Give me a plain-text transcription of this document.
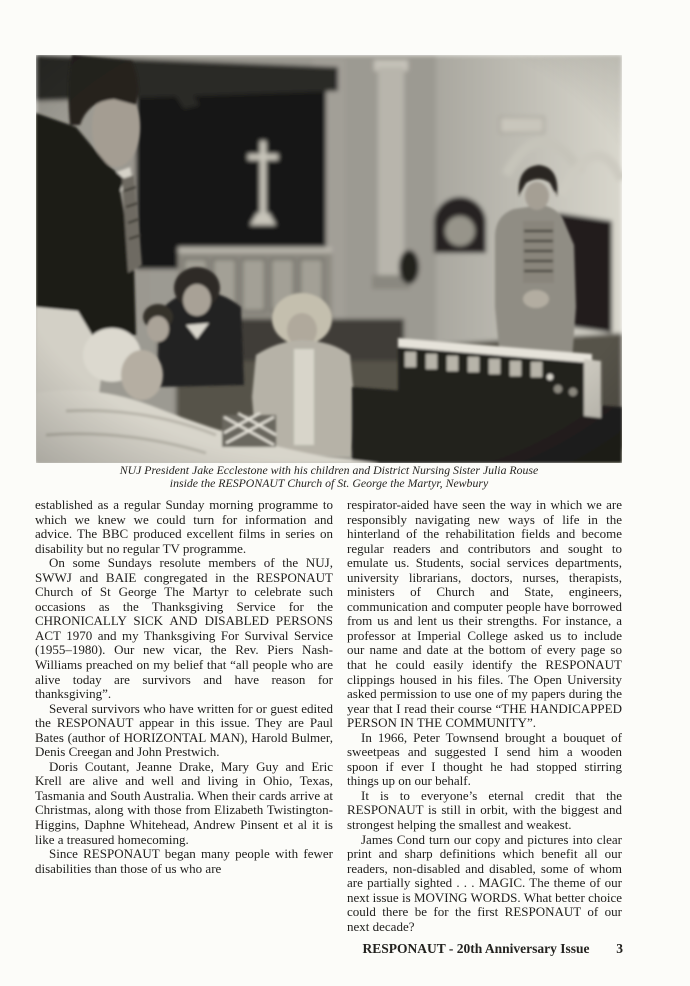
NUJ President Jake Ecclestone with his children and District Nursing Sister Julia Rouse
inside the RESPONAUT Church of St. George the Martyr, Newbury

established as a regular Sunday morning programme to which we knew we could turn for information and advice. The BBC produced excellent films in series on disability but no regular TV programme.

On some Sundays resolute members of the NUJ, SWWJ and BAIE congregated in the RESPONAUT Church of St George The Martyr to celebrate such occasions as the Thanksgiving Service for the CHRONICALLY SICK AND DISABLED PERSONS ACT 1970 and my Thanksgiving For Survival Service (1955–1980). Our new vicar, the Rev. Piers Nash-Williams preached on my belief that “all people who are alive today are survivors and have reason for thanksgiving”.

Several survivors who have written for or guest edited the RESPONAUT appear in this issue. They are Paul Bates (author of HORIZONTAL MAN), Harold Bulmer, Denis Creegan and John Prestwich.

Doris Coutant, Jeanne Drake, Mary Guy and Eric Krell are alive and well and living in Ohio, Texas, Tasmania and South Australia. When their cards arrive at Christmas, along with those from Elizabeth Twistington-Higgins, Daphne Whitehead, Andrew Pinsent et al it is like a treasured homecoming.

Since RESPONAUT began many people with fewer disabilities than those of us who are

respirator-aided have seen the way in which we are responsibly navigating new ways of life in the hinterland of the rehabilitation fields and become regular readers and contributors and sought to emulate us. Students, social services departments, university librarians, doctors, nurses, therapists, ministers of Church and State, engineers, communication and computer people have borrowed from us and lent us their strengths. For instance, a professor at Imperial College asked us to include our name and date at the bottom of every page so that he could easily identify the RESPONAUT clippings housed in his files. The Open University asked permission to use one of my papers during the year that I read their course “THE HANDICAPPED PERSON IN THE COMMUNITY”.

In 1966, Peter Townsend brought a bouquet of sweetpeas and suggested I send him a wooden spoon if ever I thought he had stopped stirring things up on our behalf.

It is to everyone’s eternal credit that the RESPONAUT is still in orbit, with the biggest and strongest helping the smallest and weakest.

James Cond turn our copy and pictures into clear print and sharp definitions which benefit all our readers, non-disabled and disabled, some of whom are partially sighted . . . MAGIC. The theme of our next issue is MOVING WORDS. What better choice could there be for the first RESPONAUT of our next decade?

RESPONAUT - 20th Anniversary Issue	3
